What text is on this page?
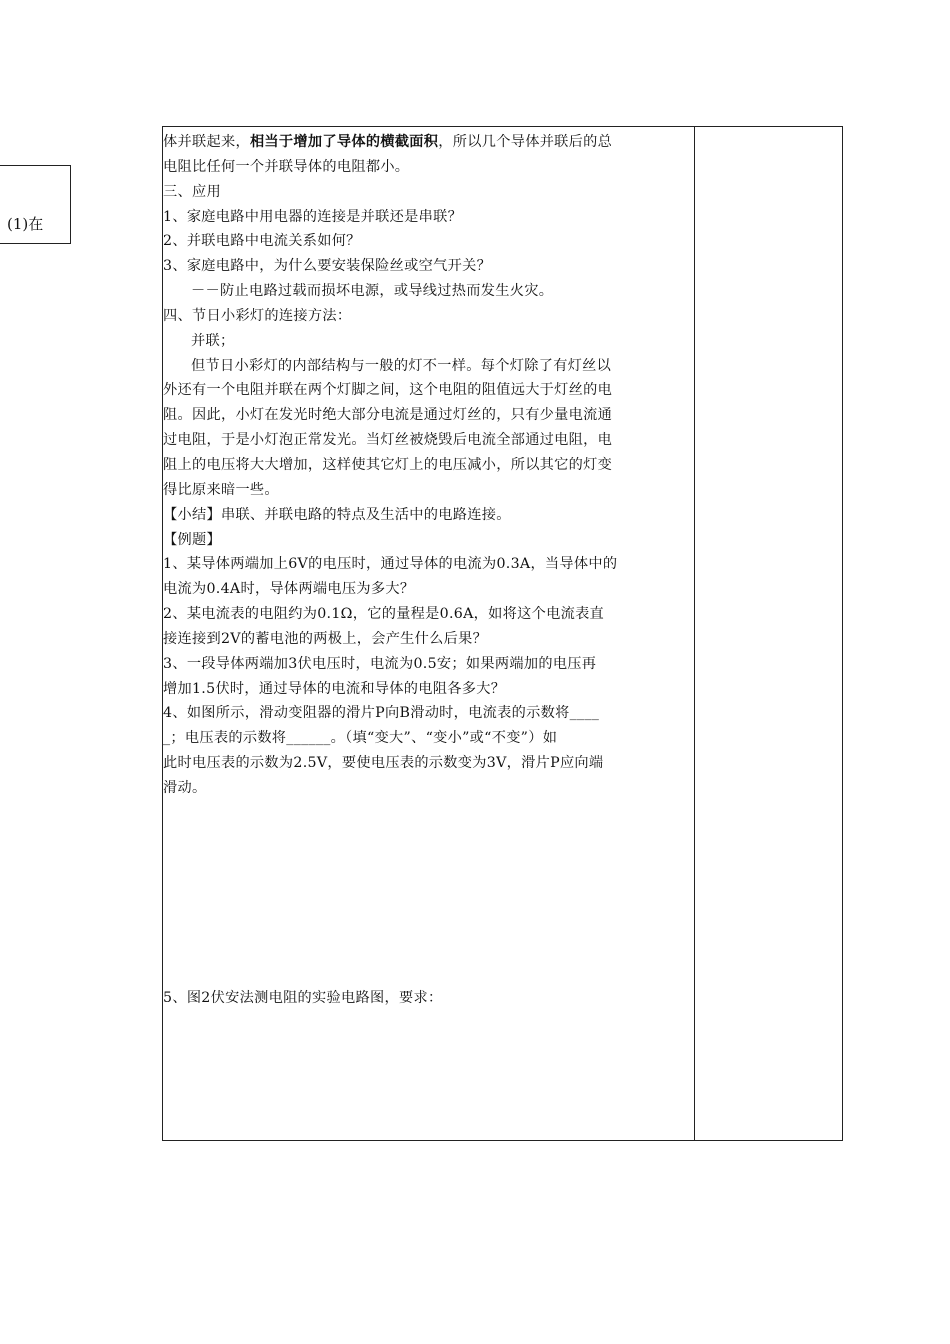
(1)在

体并联起来，相当于增加了导体的横截面积，所以几个导体并联后的总

电阻比任何一个并联导体的电阻都小。

三、应用

1、家庭电路中用电器的连接是并联还是串联？

2、并联电路中电流关系如何？

3、家庭电路中，为什么要安装保险丝或空气开关？

－－防止电路过载而损坏电源，或导线过热而发生火灾。

四、节日小彩灯的连接方法：

并联；

但节日小彩灯的内部结构与一般的灯不一样。每个灯除了有灯丝以

外还有一个电阻并联在两个灯脚之间，这个电阻的阻值远大于灯丝的电

阻。因此，小灯在发光时绝大部分电流是通过灯丝的，只有少量电流通

过电阻，于是小灯泡正常发光。当灯丝被烧毁后电流全部通过电阻，电

阻上的电压将大大增加，这样使其它灯上的电压减小，所以其它的灯变

得比原来暗一些。

【小结】串联、并联电路的特点及生活中的电路连接。

【例题】

1、某导体两端加上6V的电压时，通过导体的电流为0.3A，当导体中的

电流为0.4A时，导体两端电压为多大？

2、某电流表的电阻约为0.1Ω，它的量程是0.6A，如将这个电流表直

接连接到2V的蓄电池的两极上，会产生什么后果？

3、一段导体两端加3伏电压时，电流为0.5安；如果两端加的电压再

增加1.5伏时，通过导体的电流和导体的电阻各多大？

4、如图所示，滑动变阻器的滑片P向B滑动时，电流表的示数将____

_；电压表的示数将______。（填“变大”、“变小”或“不变”）如

此时电压表的示数为2.5V，要使电压表的示数变为3V，滑片P应向端

滑动。

5、图2伏安法测电阻的实验电路图，要求：
